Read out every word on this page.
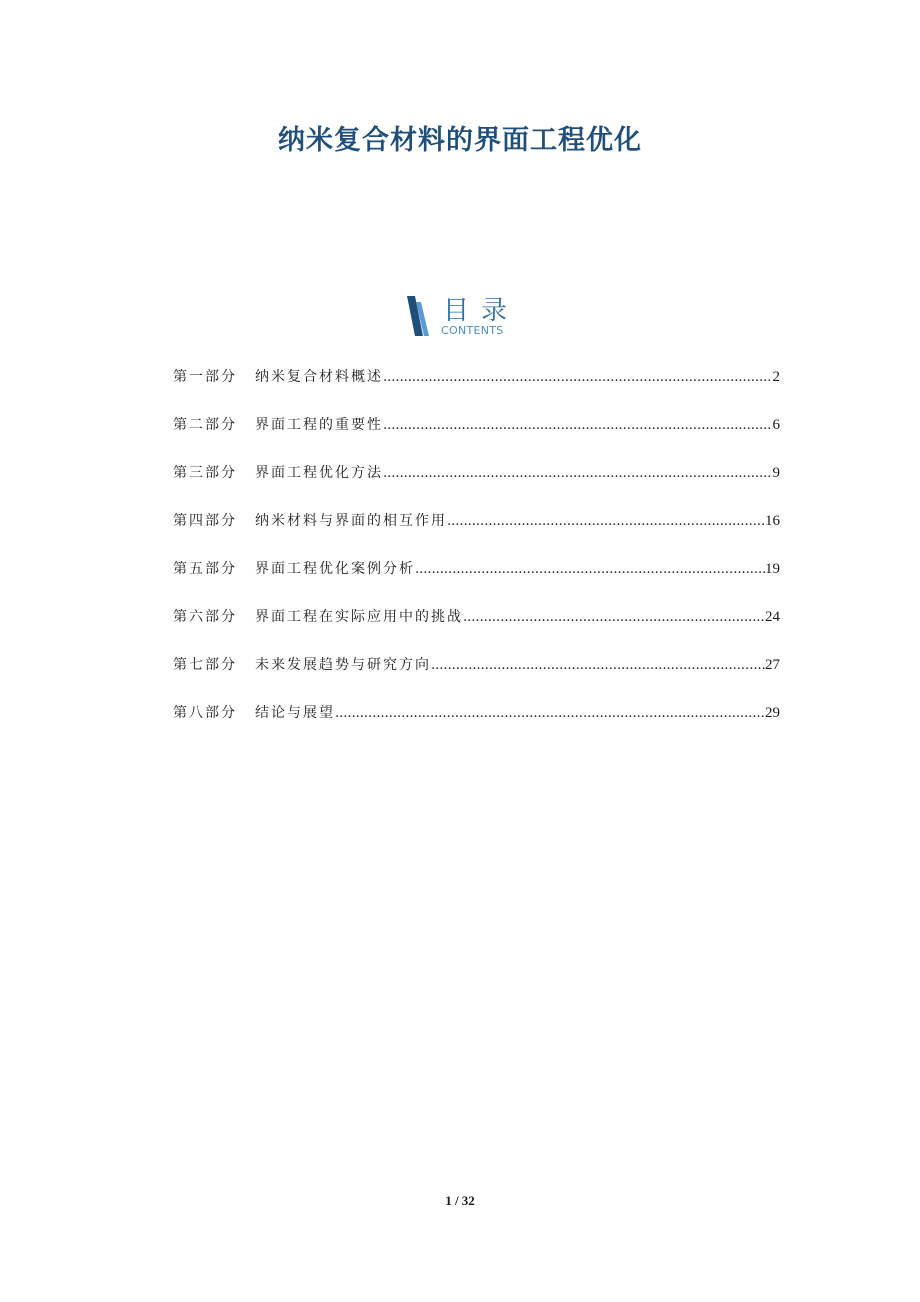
纳米复合材料的界面工程优化
目录
CONTENTS
第一部分 纳米复合材料概述 .....	2
第二部分 界面工程的重要性 .....	6
第三部分 界面工程优化方法 .....	9
第四部分 纳米材料与界面的相互作用 .....	16
第五部分 界面工程优化案例分析 .....	19
第六部分 界面工程在实际应用中的挑战 .....	24
第七部分 未来发展趋势与研究方向 .....	27
第八部分 结论与展望 .....	29
1 / 32
